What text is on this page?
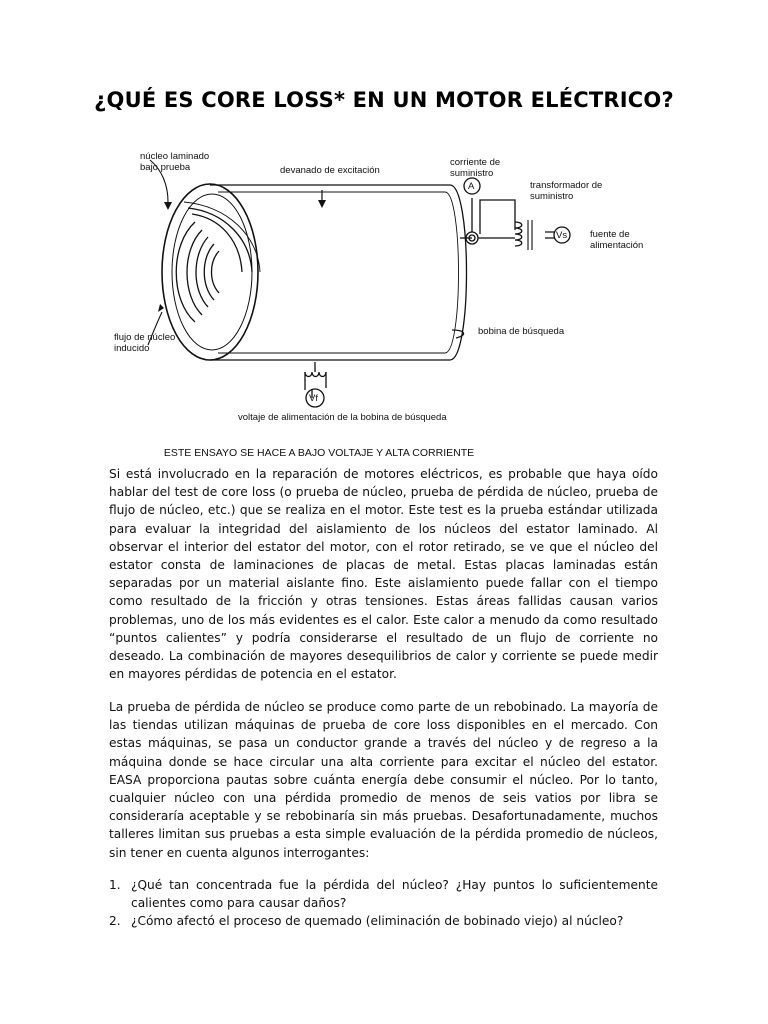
¿QUÉ ES CORE LOSS* EN UN MOTOR ELÉCTRICO?
A
Vs
Vf
núcleo laminado
bajo prueba	devanado de excitación
corriente de
suministro
transformador de
suministro
fuente de
alimentación
bobina de búsqueda
flujo de núcleo
inducido
voltaje de alimentación de la bobina de búsqueda
ESTE ENSAYO SE HACE A BAJO VOLTAJE Y ALTA CORRIENTE

Si está involucrado en la reparación de motores eléctricos, es probable que haya oído hablar del test de core loss (o prueba de núcleo, prueba de pérdida de núcleo, prueba de flujo de núcleo, etc.) que se realiza en el motor. Este test es la prueba estándar utilizada para evaluar la integridad del aislamiento de los núcleos del estator laminado. Al observar el interior del estator del motor, con el rotor retirado, se ve que el núcleo del estator consta de laminaciones de placas de metal. Estas placas laminadas están separadas por un material aislante fino. Este aislamiento puede fallar con el tiempo como resultado de la fricción y otras tensiones. Estas áreas fallidas causan varios problemas, uno de los más evidentes es el calor. Este calor a menudo da como resultado “puntos calientes” y podría considerarse el resultado de un flujo de corriente no deseado. La combinación de mayores desequilibrios de calor y corriente se puede medir en mayores pérdidas de potencia en el estator.

La prueba de pérdida de núcleo se produce como parte de un rebobinado. La mayoría de las tiendas utilizan máquinas de prueba de core loss disponibles en el mercado. Con estas máquinas, se pasa un conductor grande a través del núcleo y de regreso a la máquina donde se hace circular una alta corriente para excitar el núcleo del estator. EASA proporciona pautas sobre cuánta energía debe consumir el núcleo. Por lo tanto, cualquier núcleo con una pérdida promedio de menos de seis vatios por libra se consideraría aceptable y se rebobinaría sin más pruebas. Desafortunadamente, muchos talleres limitan sus pruebas a esta simple evaluación de la pérdida promedio de núcleos, sin tener en cuenta algunos interrogantes:

1. ¿Qué tan concentrada fue la pérdida del núcleo? ¿Hay puntos lo suficientemente calientes como para causar daños?
2. ¿Cómo afectó el proceso de quemado (eliminación de bobinado viejo) al núcleo?
